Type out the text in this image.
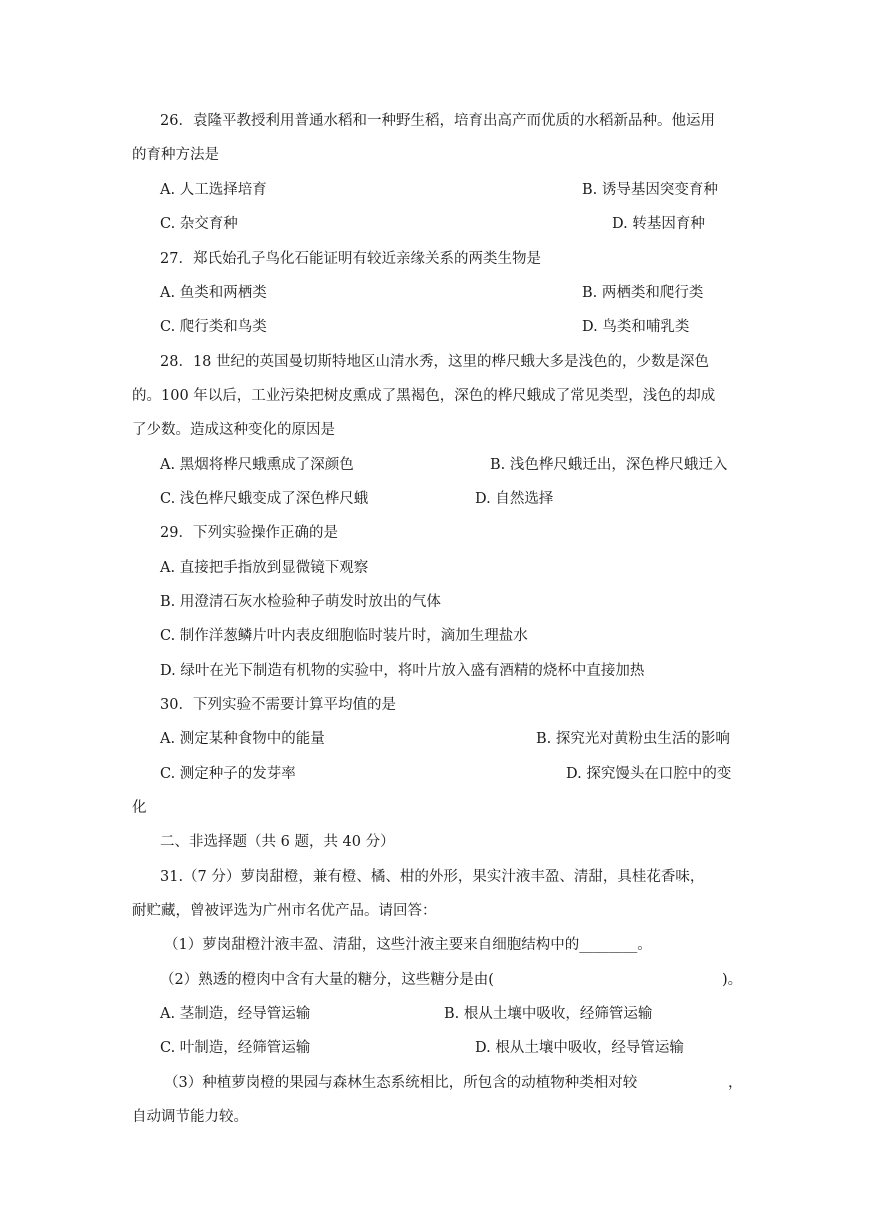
26．袁隆平教授利用普通水稻和一种野生稻，培育出高产而优质的水稻新品种。他运用
的育种方法是
A. 人工选择培育	B. 诱导基因突变育种
C. 杂交育种	D. 转基因育种
27．郑氏始孔子鸟化石能证明有较近亲缘关系的两类生物是
A. 鱼类和两栖类	B. 两栖类和爬行类
C. 爬行类和鸟类	D. 鸟类和哺乳类
28．18 世纪的英国曼切斯特地区山清水秀，这里的桦尺蛾大多是浅色的，少数是深色
的。100 年以后，工业污染把树皮熏成了黑褐色，深色的桦尺蛾成了常见类型，浅色的却成
了少数。造成这种变化的原因是
A. 黑烟将桦尺蛾熏成了深颜色	B. 浅色桦尺蛾迁出，深色桦尺蛾迁入
C. 浅色桦尺蛾变成了深色桦尺蛾	D. 自然选择
29．下列实验操作正确的是
A. 直接把手指放到显微镜下观察
B. 用澄清石灰水检验种子萌发时放出的气体
C. 制作洋葱鳞片叶内表皮细胞临时装片时，滴加生理盐水
D. 绿叶在光下制造有机物的实验中，将叶片放入盛有酒精的烧杯中直接加热
30．下列实验不需要计算平均值的是
A. 测定某种食物中的能量	B. 探究光对黄粉虫生活的影响
C. 测定种子的发芽率	D. 探究馒头在口腔中的变
化
二、非选择题（共 6 题，共 40 分）
31.（7 分）萝岗甜橙，兼有橙、橘、柑的外形，果实汁液丰盈、清甜，具桂花香味，
耐贮藏，曾被评选为广州市名优产品。请回答：
（1）萝岗甜橙汁液丰盈、清甜，这些汁液主要来自细胞结构中的________。
（2）熟透的橙肉中含有大量的糖分，这些糖分是由(	)。
A. 茎制造，经导管运输	B. 根从土壤中吸收，经筛管运输
C. 叶制造，经筛管运输	D. 根从土壤中吸收，经导管运输
（3）种植萝岗橙的果园与森林生态系统相比，所包含的动植物种类相对较	，
自动调节能力较。
